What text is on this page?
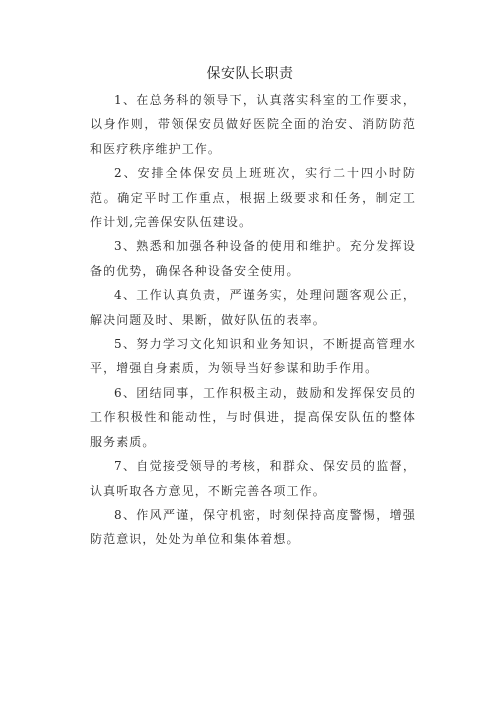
保安队长职责

1、在总务科的领导下，认真落实科室的工作要求，以身作则，带领保安员做好医院全面的治安、消防防范和医疗秩序维护工作。

2、安排全体保安员上班班次，实行二十四小时防范。确定平时工作重点，根据上级要求和任务，制定工作计划,完善保安队伍建设。

3、熟悉和加强各种设备的使用和维护。充分发挥设备的优势，确保各种设备安全使用。

4、工作认真负责，严谨务实，处理问题客观公正，解决问题及时、果断，做好队伍的表率。

5、努力学习文化知识和业务知识，不断提高管理水平，增强自身素质，为领导当好参谋和助手作用。

6、团结同事，工作积极主动，鼓励和发挥保安员的工作积极性和能动性，与时俱进，提高保安队伍的整体服务素质。

7、自觉接受领导的考核，和群众、保安员的监督，认真听取各方意见，不断完善各项工作。

8、作风严谨，保守机密，时刻保持高度警惕，增强防范意识，处处为单位和集体着想。
